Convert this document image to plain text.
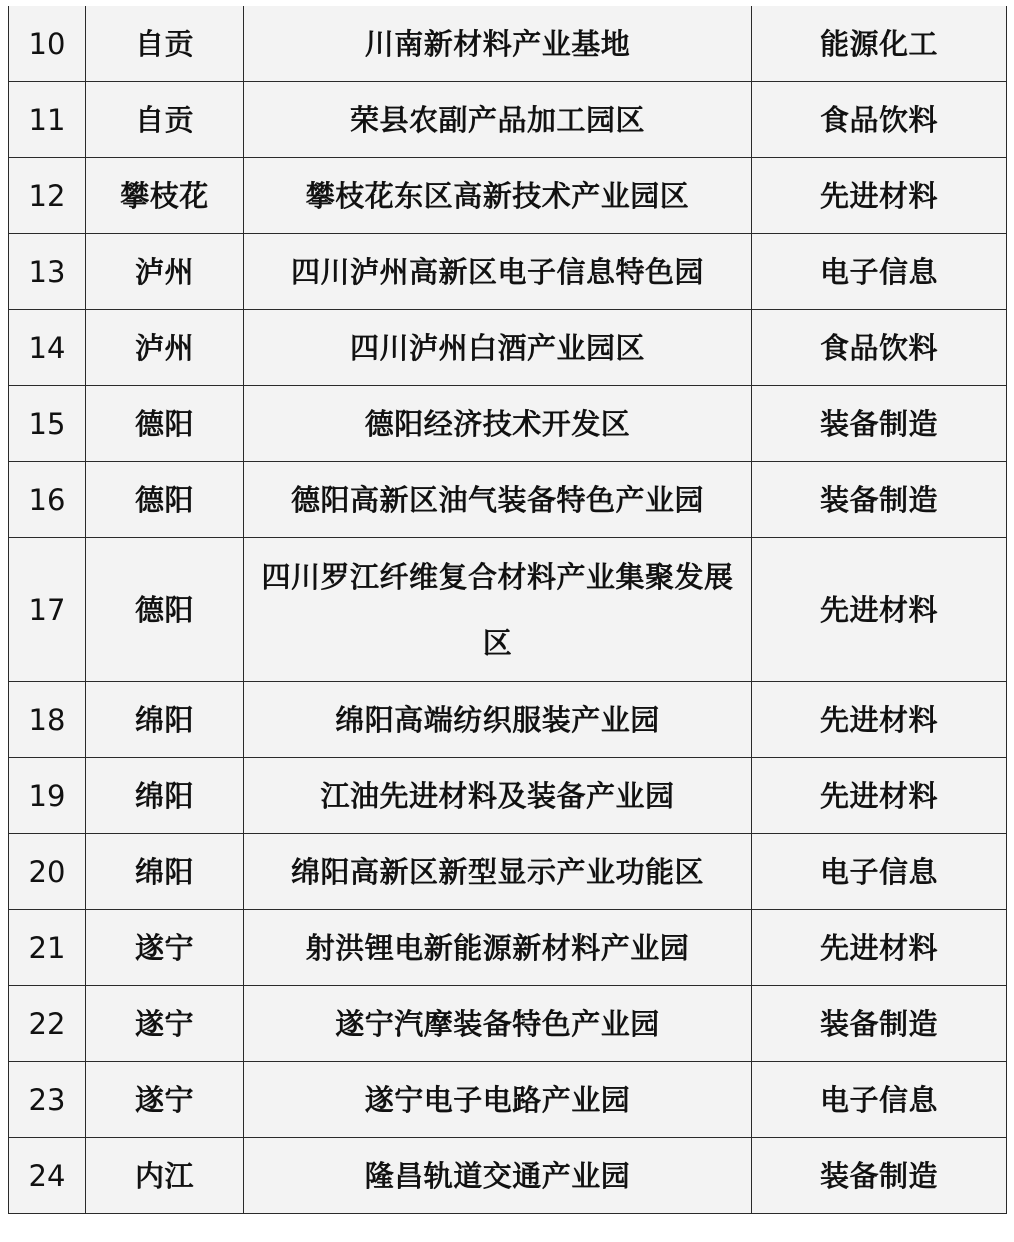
10	自贡	川南新材料产业基地	能源化工
11	自贡	荣县农副产品加工园区	食品饮料
12	攀枝花	攀枝花东区高新技术产业园区	先进材料
13	泸州	四川泸州高新区电子信息特色园	电子信息
14	泸州	四川泸州白酒产业园区	食品饮料
15	德阳	德阳经济技术开发区	装备制造
16	德阳	德阳高新区油气装备特色产业园	装备制造
17	德阳	四川罗江纤维复合材料产业集聚发展区	先进材料
18	绵阳	绵阳高端纺织服装产业园	先进材料
19	绵阳	江油先进材料及装备产业园	先进材料
20	绵阳	绵阳高新区新型显示产业功能区	电子信息
21	遂宁	射洪锂电新能源新材料产业园	先进材料
22	遂宁	遂宁汽摩装备特色产业园	装备制造
23	遂宁	遂宁电子电路产业园	电子信息
24	内江	隆昌轨道交通产业园	装备制造
